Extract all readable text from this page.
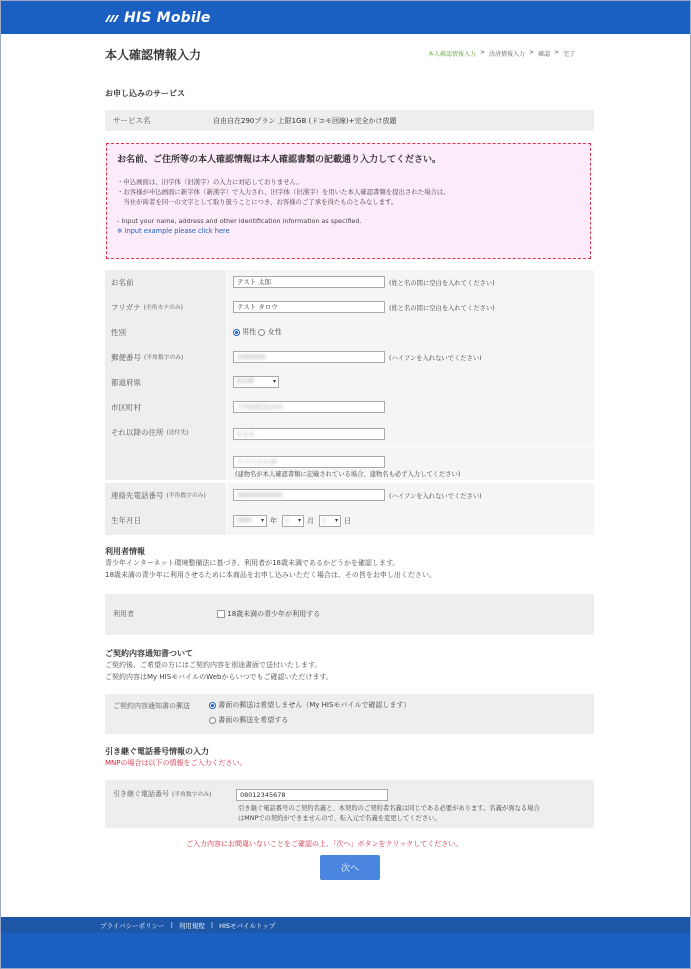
HIS Mobile
本人確認情報入力	本人確認情報入力 > 決済情報入力 > 確認 > 完了
お申し込みのサービス
サービス名	自由自在290プラン 上限1GB (ドコモ回線)+完全かけ放題
お名前、ご住所等の本人確認情報は本人確認書類の記載通り入力してください。
・申込画面は、旧字体（旧漢字）の入力に対応しておりません。
・お客様が申込画面に新字体（新漢字）で入力され、旧字体（旧漢字）を用いた本人確認書類を提出された場合は、
　当社が両者を同一の文字として取り扱うことにつき、お客様のご了承を得たものとみなします。
- Input your name, address and other identification information as specified.
※ Input example please click here
お名前	テスト 太郎	(姓と名の間に空白を入れてください)
フリガナ (全角カナのみ)	テスト タロウ	(姓と名の間に空白を入れてください)
性別	男性 女性
郵便番号 (半角数字のみ)	1000000	(ハイフンを入れないでください)
都道府県	東京都	▾
市区町村	千代田区丸の内
それ以降の住所 (送付先)	1-1-1
テストビル1F
(建物名が本人確認書類に記載されている場合、建物名も必ず入力してください)
連絡先電話番号 (半角数字のみ)	09000000000	(ハイフンを入れないでください)
生年月日	1990 ▾ 年	1 ▾ 月	1 ▾ 日
利用者情報
青少年インターネット環境整備法に基づき、利用者が18歳未満であるかどうかを確認します。
18歳未満の青少年に利用させるために本商品をお申し込みいただく場合は、その旨をお申し出ください。
利用者	18歳未満の青少年が利用する
ご契約内容通知書ついて
ご契約後、ご希望の方にはご契約内容を別途書面で送付いたします。
ご契約内容はMy HISモバイルのWebからいつでもご確認いただけます。
ご契約内容通知書の郵送	書面の郵送は希望しません（My HISモバイルで確認します）
書面の郵送を希望する
引き継ぐ電話番号情報の入力
MNPの場合は以下の情報をご入力ください。
引き継ぐ電話番号 (半角数字のみ)	08012345678
引き継ぐ電話番号のご契約名義と、本契約のご契約者名義は同じである必要があります。名義が異なる場合
はMNPでの契約ができませんので、転入元で名義を変更してください。
ご入力内容にお間違いないことをご確認の上、「次へ」ボタンをクリックしてください。
次へ
プライバシーポリシー | 利用規程 | HISモバイルトップ
